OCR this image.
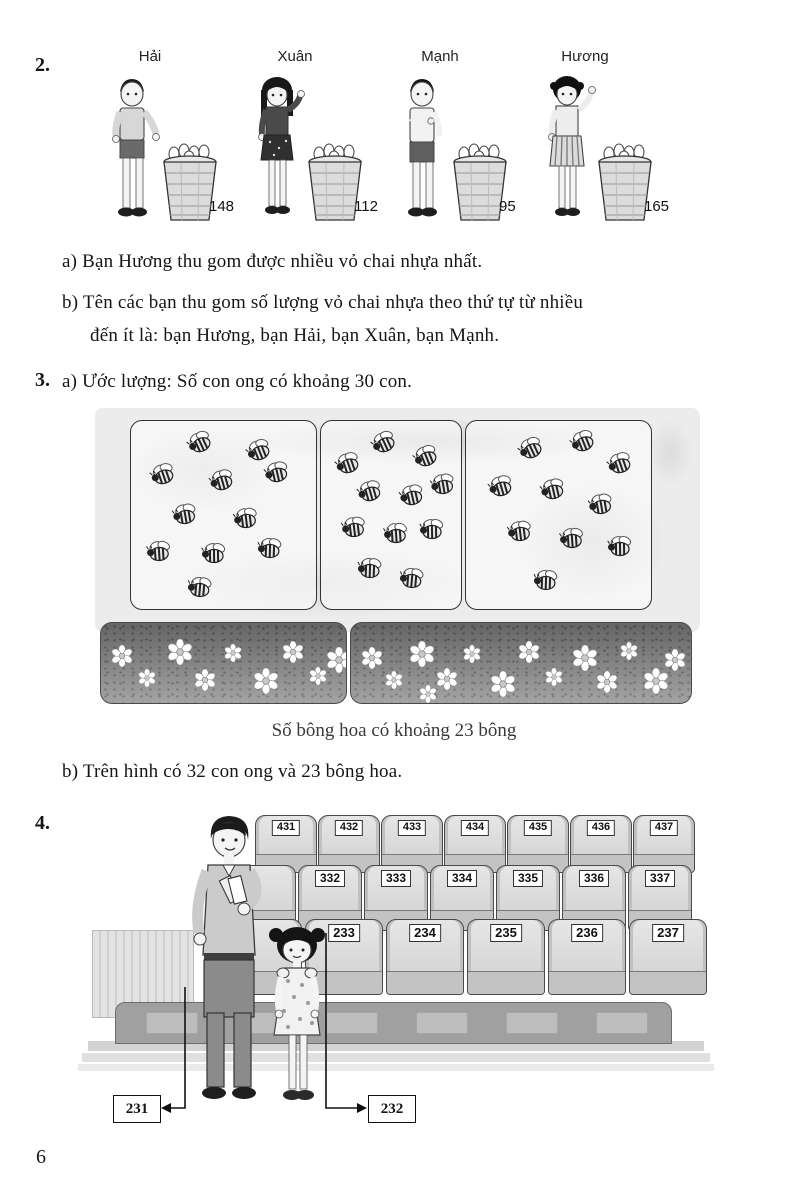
2.	Hải
148
Xuân
112
Mạnh
95
Hương
165
a) Bạn Hương thu gom được nhiều vỏ chai nhựa nhất.
b) Tên các bạn thu gom số lượng vỏ chai nhựa theo thứ tự từ nhiều
đến ít là: bạn Hương, bạn Hải, bạn Xuân, bạn Mạnh.
3. a) Ước lượng: Số con ong có khoảng 30 con.
Số bông hoa có khoảng 23 bông
b) Trên hình có 32 con ong và 23 bông hoa.
4.	431	432	433	434	435	436	437
332	333	334	335	336	337
233	234	235	236	237
231	232
6
